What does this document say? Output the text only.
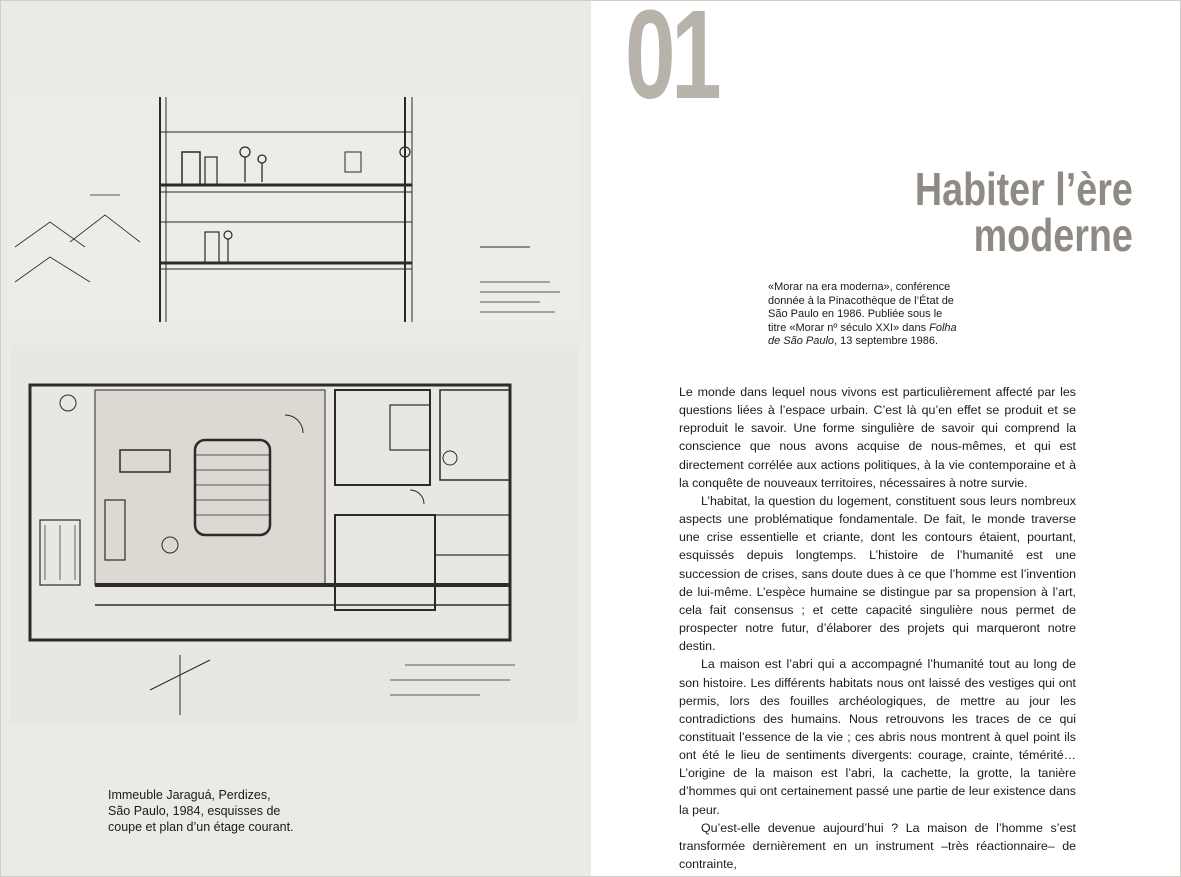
Immeuble Jaraguá, Perdizes,
São Paulo, 1984, esquisses de
coupe et plan d’un étage courant.

01
Habiter l’ère
moderne

«Morar na era moderna», conférence donnée à la Pinacothèque de l’État de São Paulo en 1986. Publiée sous le titre «Morar nº século XXI» dans Folha de São Paulo, 13 septembre 1986.

Le monde dans lequel nous vivons est particulièrement affecté par les questions liées à l’espace urbain. C’est là qu’en effet se produit et se reproduit le savoir. Une forme singulière de savoir qui comprend la conscience que nous avons acquise de nous-mêmes, et qui est directement corrélée aux actions politiques, à la vie contemporaine et à la conquête de nouveaux territoires, nécessaires à notre survie.

L’habitat, la question du logement, constituent sous leurs nombreux aspects une problématique fondamentale. De fait, le monde traverse une crise essentielle et criante, dont les contours étaient, pourtant, esquissés depuis longtemps. L’histoire de l’humanité est une succession de crises, sans doute dues à ce que l’homme est l’invention de lui-même. L’espèce humaine se distingue par sa propension à l’art, cela fait consensus ; et cette capacité singulière nous permet de prospecter notre futur, d’élaborer des projets qui marqueront notre destin.

La maison est l’abri qui a accompagné l’humanité tout au long de son histoire. Les différents habitats nous ont laissé des vestiges qui ont permis, lors des fouilles archéologiques, de mettre au jour les contradictions des humains. Nous retrouvons les traces de ce qui constituait l’essence de la vie ; ces abris nous montrent à quel point ils ont été le lieu de sentiments divergents: courage, crainte, témérité… L’origine de la maison est l’abri, la cachette, la grotte, la tanière d’hommes qui ont certainement passé une partie de leur existence dans la peur.

Qu’est-elle devenue aujourd’hui ? La maison de l’homme s’est transformée dernièrement en un instrument –très réactionnaire– de contrainte,
